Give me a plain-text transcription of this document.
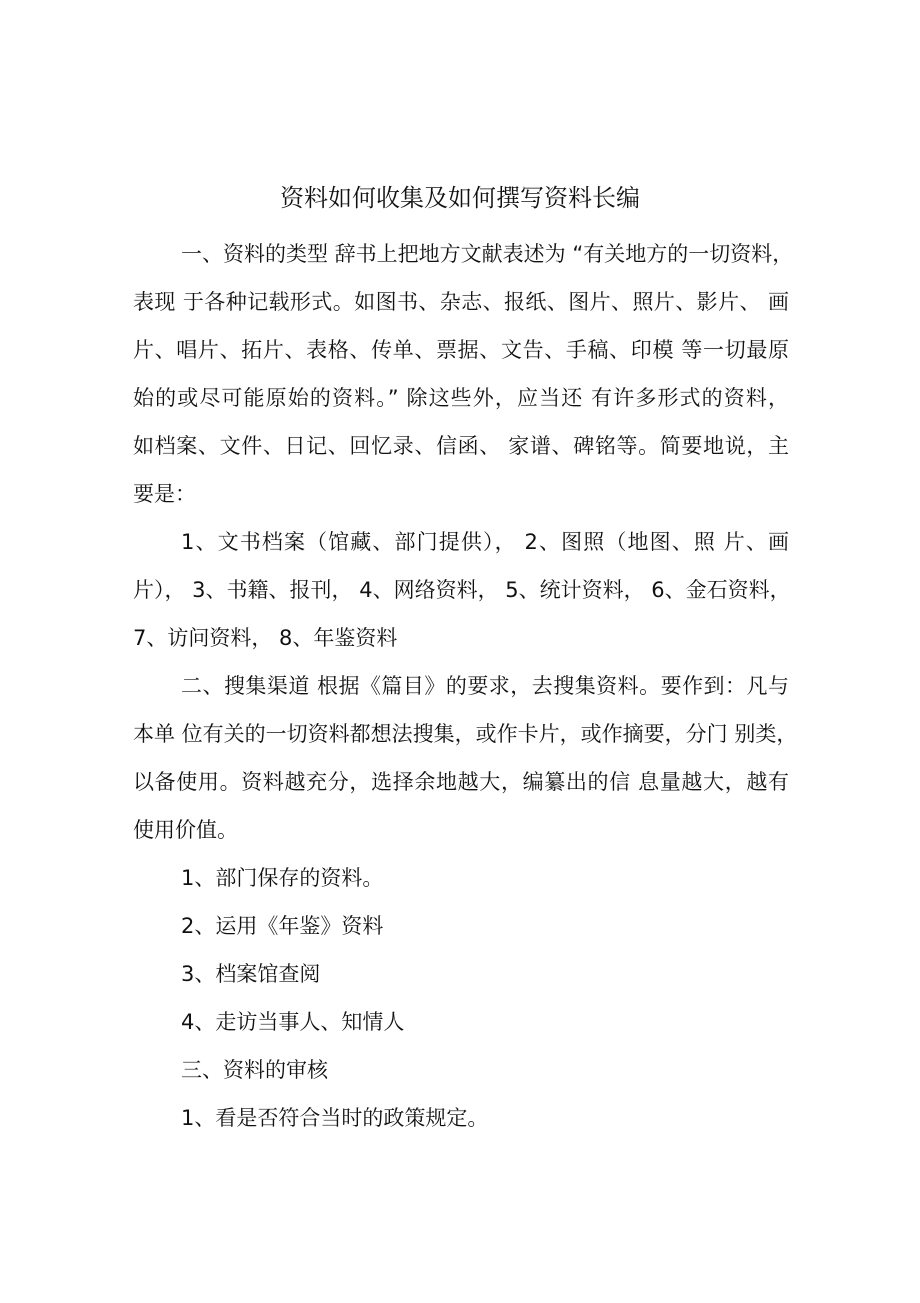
资料如何收集及如何撰写资料长编
一、资料的类型 辞书上把地方文献表述为 “有关地方的一切资料，
表现 于各种记载形式。如图书、杂志、报纸、图片、照片、影片、 画
片、唱片、拓片、表格、传单、票据、文告、手稿、印模 等一切最原
始的或尽可能原始的资料。” 除这些外，应当还 有许多形式的资料，
如档案、文件、日记、回忆录、信函、 家谱、碑铭等。简要地说，主
要是：
1、文书档案（馆藏、部门提供）， 2、图照（地图、照 片、画
片）， 3、书籍、报刊， 4、网络资料， 5、统计资料， 6、金石资料，
7、访问资料， 8、年鉴资料
二、搜集渠道 根据《篇目》的要求，去搜集资料。要作到：凡与
本单 位有关的一切资料都想法搜集，或作卡片，或作摘要，分门 别类，
以备使用。资料越充分，选择余地越大，编纂出的信 息量越大，越有
使用价值。
1、部门保存的资料。
2、运用《年鉴》资料
3、档案馆查阅
4、走访当事人、知情人
三、资料的审核
1、看是否符合当时的政策规定。
